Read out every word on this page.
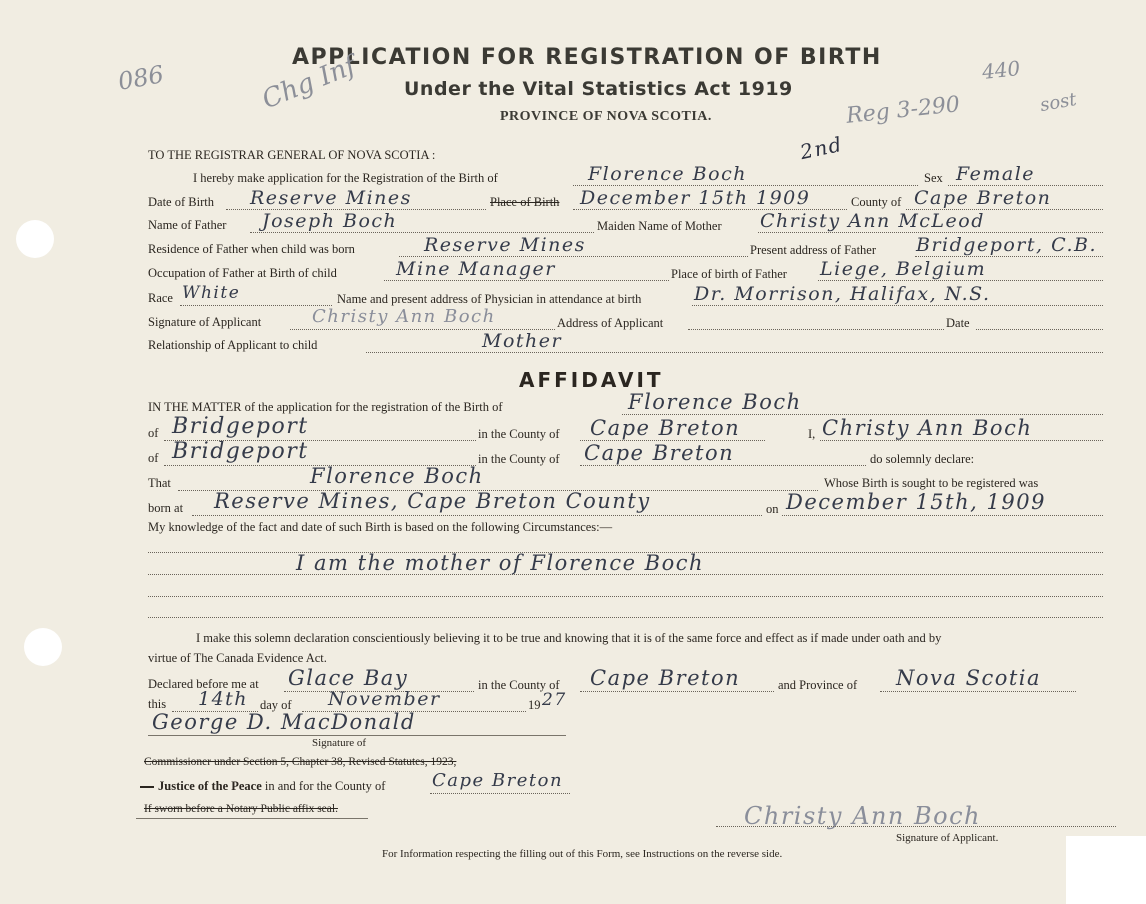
APPLICATION FOR REGISTRATION OF BIRTH
Under the Vital Statistics Act 1919
PROVINCE OF NOVA SCOTIA.
086	Chg Inf	440
Reg 3-290	sost
2nd
TO THE REGISTRAR GENERAL OF NOVA SCOTIA :
I hereby make application for the Registration of the Birth of	Florence Boch	Sex Female
Date of Birth Reserve Mines	Place of Birth December 15th 1909	County of Cape Breton
Name of Father Joseph Boch	Maiden Name of Mother Christy Ann McLeod
Residence of Father when child was born	Reserve Mines	Present address of Father Bridgeport, C.B.
Occupation of Father at Birth of child	Mine Manager	Place of birth of Father Liege, Belgium
Race White	Name and present address of Physician in attendance at birth	Dr. Morrison, Halifax, N.S.
Signature of Applicant	Christy Ann Boch	Address of Applicant	Date
Relationship of Applicant to child	Mother
AFFIDAVIT
IN THE MATTER of the application for the registration of the Birth of	Florence Boch
of Bridgeport	in the County of Cape Breton	I, Christy Ann Boch
of Bridgeport	in the County of Cape Breton	do solemnly declare:
That	Florence Boch	Whose Birth is sought to be registered was
born at Reserve Mines, Cape Breton County	on December 15th, 1909
My knowledge of the fact and date of such Birth is based on the following Circumstances:—
I am the mother of Florence Boch
I make this solemn declaration conscientiously believing it to be true and knowing that it is of the same force and effect as if made under oath and by
virtue of The Canada Evidence Act.
Declared before me at Glace Bay	in the County of Cape Breton	and Province of Nova Scotia
this 14th day of November	19 27
George D. MacDonald
Signature of
Commissioner under Section 5, Chapter 38, Revised Statutes, 1923,
Justice of the Peace in and for the County of	Cape Breton
If sworn before a Notary Public affix seal.	Christy Ann Boch
Signature of Applicant.
For Information respecting the filling out of this Form, see Instructions on the reverse side.
